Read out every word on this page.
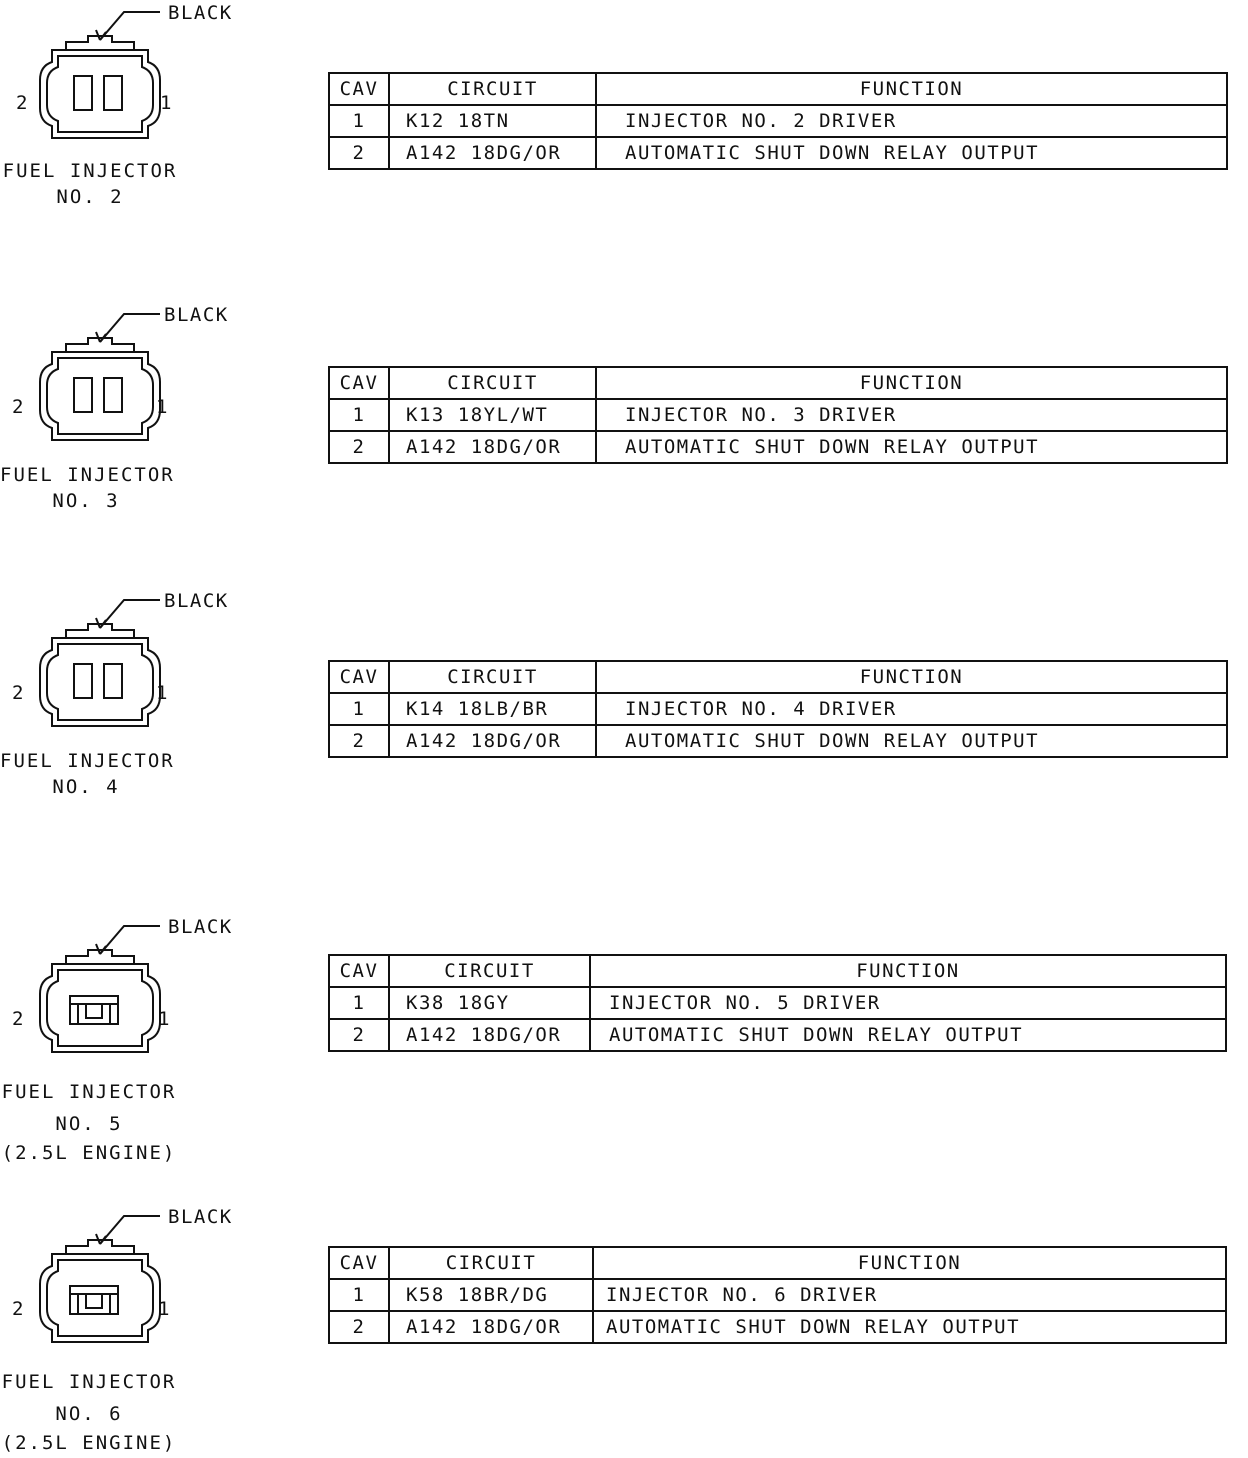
BLACK
2	1
FUEL INJECTOR
NO. 2
CAV	CIRCUIT	FUNCTION
1	K12 18TN	INJECTOR NO. 2 DRIVER
2	A142 18DG/OR	AUTOMATIC SHUT DOWN RELAY OUTPUT
BLACK
2	1
FUEL INJECTOR
NO. 3
CAV	CIRCUIT	FUNCTION
1	K13 18YL/WT	INJECTOR NO. 3 DRIVER
2	A142 18DG/OR	AUTOMATIC SHUT DOWN RELAY OUTPUT
BLACK
2	1
FUEL INJECTOR
NO. 4
CAV	CIRCUIT	FUNCTION
1	K14 18LB/BR	INJECTOR NO. 4 DRIVER
2	A142 18DG/OR	AUTOMATIC SHUT DOWN RELAY OUTPUT
BLACK
2	1
FUEL INJECTOR
NO. 5
(2.5L ENGINE)
CAV	CIRCUIT	FUNCTION
1	K38 18GY	INJECTOR NO. 5 DRIVER
2	A142 18DG/OR	AUTOMATIC SHUT DOWN RELAY OUTPUT
BLACK
2	1
FUEL INJECTOR
NO. 6
(2.5L ENGINE)
CAV	CIRCUIT	FUNCTION
1	K58 18BR/DG	INJECTOR NO. 6 DRIVER
2	A142 18DG/OR	AUTOMATIC SHUT DOWN RELAY OUTPUT
